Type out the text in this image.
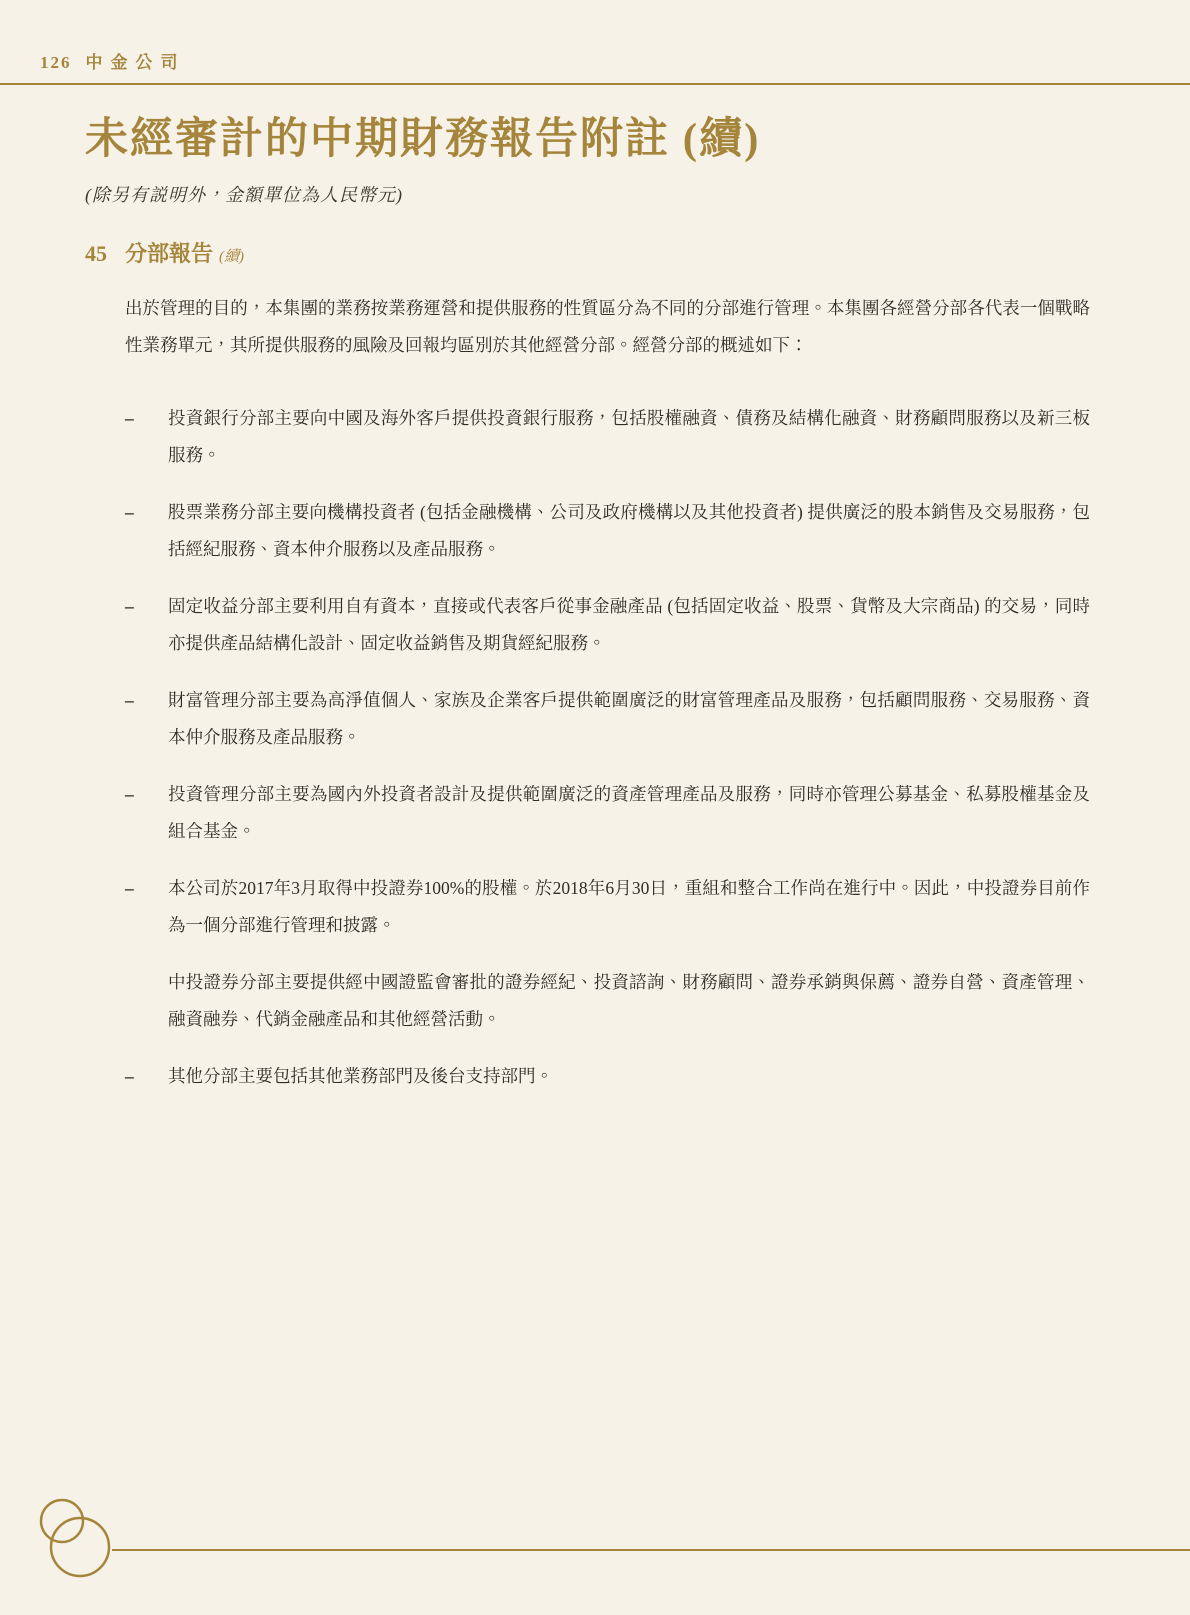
126 中金公司
未經審計的中期財務報告附註 (續)

(除另有説明外，金額單位為人民幣元)

45 分部報告 (續)

出於管理的目的，本集團的業務按業務運營和提供服務的性質區分為不同的分部進行管理。本集團各經營分部各代表一個戰略性業務單元，其所提供服務的風險及回報均區別於其他經營分部。經營分部的概述如下：

–	投資銀行分部主要向中國及海外客戶提供投資銀行服務，包括股權融資、債務及結構化融資、財務顧問服務以及新三板服務。

–	股票業務分部主要向機構投資者 (包括金融機構、公司及政府機構以及其他投資者) 提供廣泛的股本銷售及交易服務，包括經紀服務、資本仲介服務以及產品服務。

–	固定收益分部主要利用自有資本，直接或代表客戶從事金融產品 (包括固定收益、股票、貨幣及大宗商品) 的交易，同時亦提供產品結構化設計、固定收益銷售及期貨經紀服務。

–	財富管理分部主要為高淨值個人、家族及企業客戶提供範圍廣泛的財富管理產品及服務，包括顧問服務、交易服務、資本仲介服務及產品服務。

–	投資管理分部主要為國內外投資者設計及提供範圍廣泛的資產管理產品及服務，同時亦管理公募基金、私募股權基金及組合基金。

–	本公司於2017年3月取得中投證券100%的股權。於2018年6月30日，重組和整合工作尚在進行中。因此，中投證券目前作為一個分部進行管理和披露。

中投證券分部主要提供經中國證監會審批的證券經紀、投資諮詢、財務顧問、證券承銷與保薦、證券自營、資產管理、融資融券、代銷金融產品和其他經營活動。

–	其他分部主要包括其他業務部門及後台支持部門。
